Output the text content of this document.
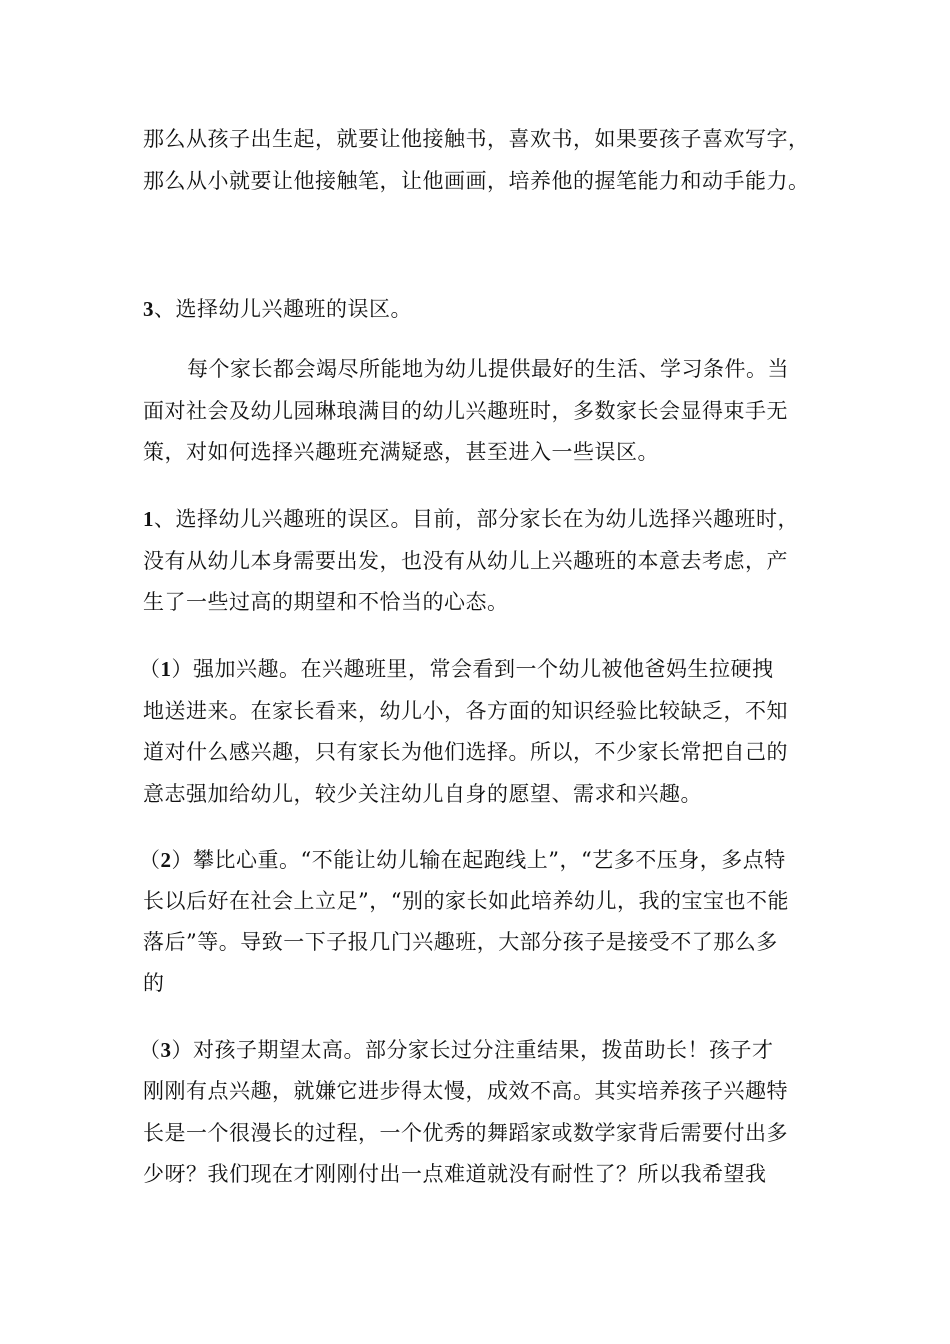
那么从孩子出生起，就要让他接触书，喜欢书，如果要孩子喜欢写字，
那么从小就要让他接触笔，让他画画，培养他的握笔能力和动手能力。
3、选择幼儿兴趣班的误区。
每个家长都会竭尽所能地为幼儿提供最好的生活、学习条件。当
面对社会及幼儿园琳琅满目的幼儿兴趣班时，多数家长会显得束手无
策，对如何选择兴趣班充满疑惑，甚至进入一些误区。
1、选择幼儿兴趣班的误区。目前，部分家长在为幼儿选择兴趣班时，
没有从幼儿本身需要出发，也没有从幼儿上兴趣班的本意去考虑，产
生了一些过高的期望和不恰当的心态。
（1）强加兴趣。在兴趣班里，常会看到一个幼儿被他爸妈生拉硬拽
地送进来。在家长看来，幼儿小，各方面的知识经验比较缺乏，不知
道对什么感兴趣，只有家长为他们选择。所以，不少家长常把自己的
意志强加给幼儿，较少关注幼儿自身的愿望、需求和兴趣。
（2）攀比心重。“不能让幼儿输在起跑线上”，“艺多不压身，多点特
长以后好在社会上立足”，“别的家长如此培养幼儿，我的宝宝也不能
落后”等。导致一下子报几门兴趣班，大部分孩子是接受不了那么多
的
（3）对孩子期望太高。部分家长过分注重结果，拨苗助长！孩子才
刚刚有点兴趣，就嫌它进步得太慢，成效不高。其实培养孩子兴趣特
长是一个很漫长的过程，一个优秀的舞蹈家或数学家背后需要付出多
少呀？我们现在才刚刚付出一点难道就没有耐性了？所以我希望我
